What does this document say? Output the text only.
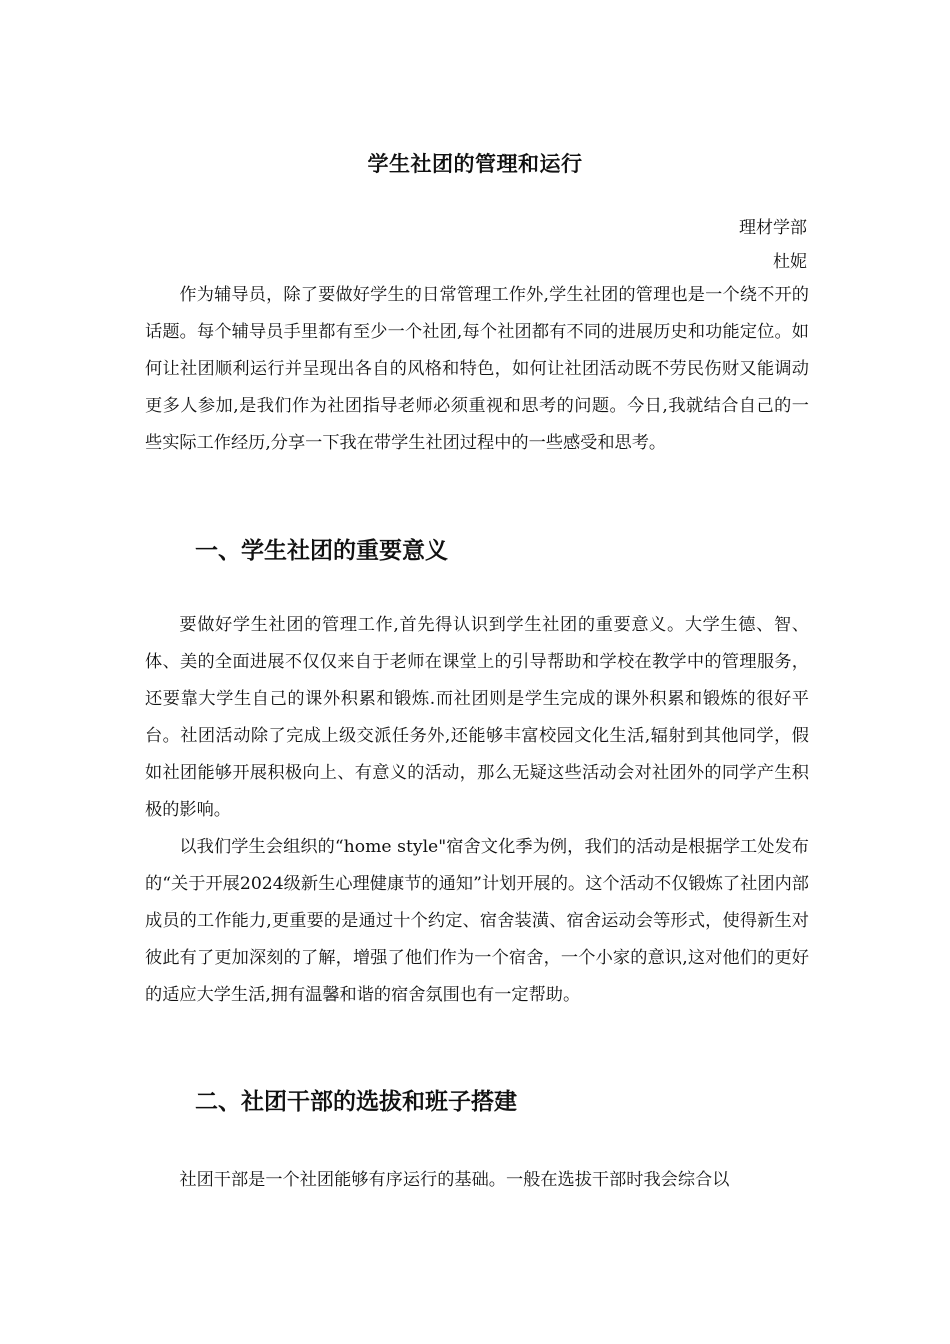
学生社团的管理和运行
理材学部
杜妮

作为辅导员，除了要做好学生的日常管理工作外,学生社团的管理也是一个绕不开的话题。每个辅导员手里都有至少一个社团,每个社团都有不同的进展历史和功能定位。如何让社团顺利运行并呈现出各自的风格和特色，如何让社团活动既不劳民伤财又能调动更多人参加,是我们作为社团指导老师必须重视和思考的问题。今日,我就结合自己的一些实际工作经历,分享一下我在带学生社团过程中的一些感受和思考。

一、学生社团的重要意义

要做好学生社团的管理工作,首先得认识到学生社团的重要意义。大学生德、智、体、美的全面进展不仅仅来自于老师在课堂上的引导帮助和学校在教学中的管理服务，还要靠大学生自己的课外积累和锻炼.而社团则是学生完成的课外积累和锻炼的很好平台。社团活动除了完成上级交派任务外,还能够丰富校园文化生活,辐射到其他同学，假如社团能够开展积极向上、有意义的活动，那么无疑这些活动会对社团外的同学产生积极的影响。

以我们学生会组织的“home style"宿舍文化季为例，我们的活动是根据学工处发布的“关于开展2024级新生心理健康节的通知”计划开展的。这个活动不仅锻炼了社团内部成员的工作能力,更重要的是通过十个约定、宿舍装潢、宿舍运动会等形式，使得新生对彼此有了更加深刻的了解，增强了他们作为一个宿舍，一个小家的意识,这对他们的更好的适应大学生活,拥有温馨和谐的宿舍氛围也有一定帮助。

二、社团干部的选拔和班子搭建

社团干部是一个社团能够有序运行的基础。一般在选拔干部时我会综合以
